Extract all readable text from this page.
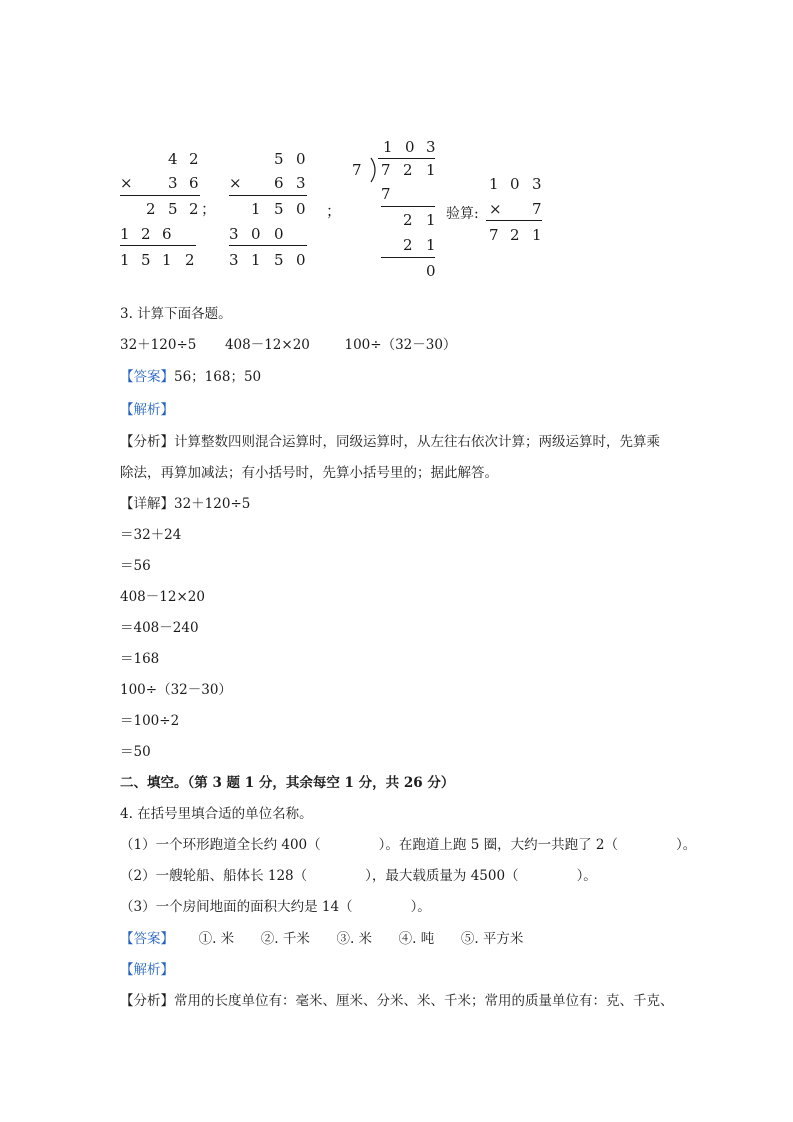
4 2
× 3 6
2 5 2 ；
1 2 6
1 5 1 2
5 0
× 6 3
1 5 0 ；
3 0 0
3 1 5 0
1 0 3
7 7 2 1
7
2 1
2 1
0
验算:
1 0 3
× 7
7 2 1
3. 计算下面各题。
32＋120÷5 408－12×20	100÷（32－30）
【答案】56；168；50
【解析】
【分析】计算整数四则混合运算时，同级运算时，从左往右依次计算；两级运算时，先算乘
除法，再算加减法；有小括号时，先算小括号里的；据此解答。
【详解】32＋120÷5
＝32＋24
＝56
408－12×20
＝408－240
＝168
100÷（32－30）
＝100÷2
＝50
二、填空。（第 3 题 1 分，其余每空 1 分，共 26 分）
4. 在括号里填合适的单位名称。
（1）一个环形跑道全长约 400（	）。在跑道上跑 5 圈，大约一共跑了 2（	）。
（2）一艘轮船、船体长 128（	），最大载质量为 4500（	）。
（3）一个房间地面的面积大约是 14（	）。
【答案】 ①. 米 ②. 千米 ③. 米 ④. 吨 ⑤. 平方米
【解析】
【分析】常用的长度单位有：毫米、厘米、分米、米、千米；常用的质量单位有：克、千克、
